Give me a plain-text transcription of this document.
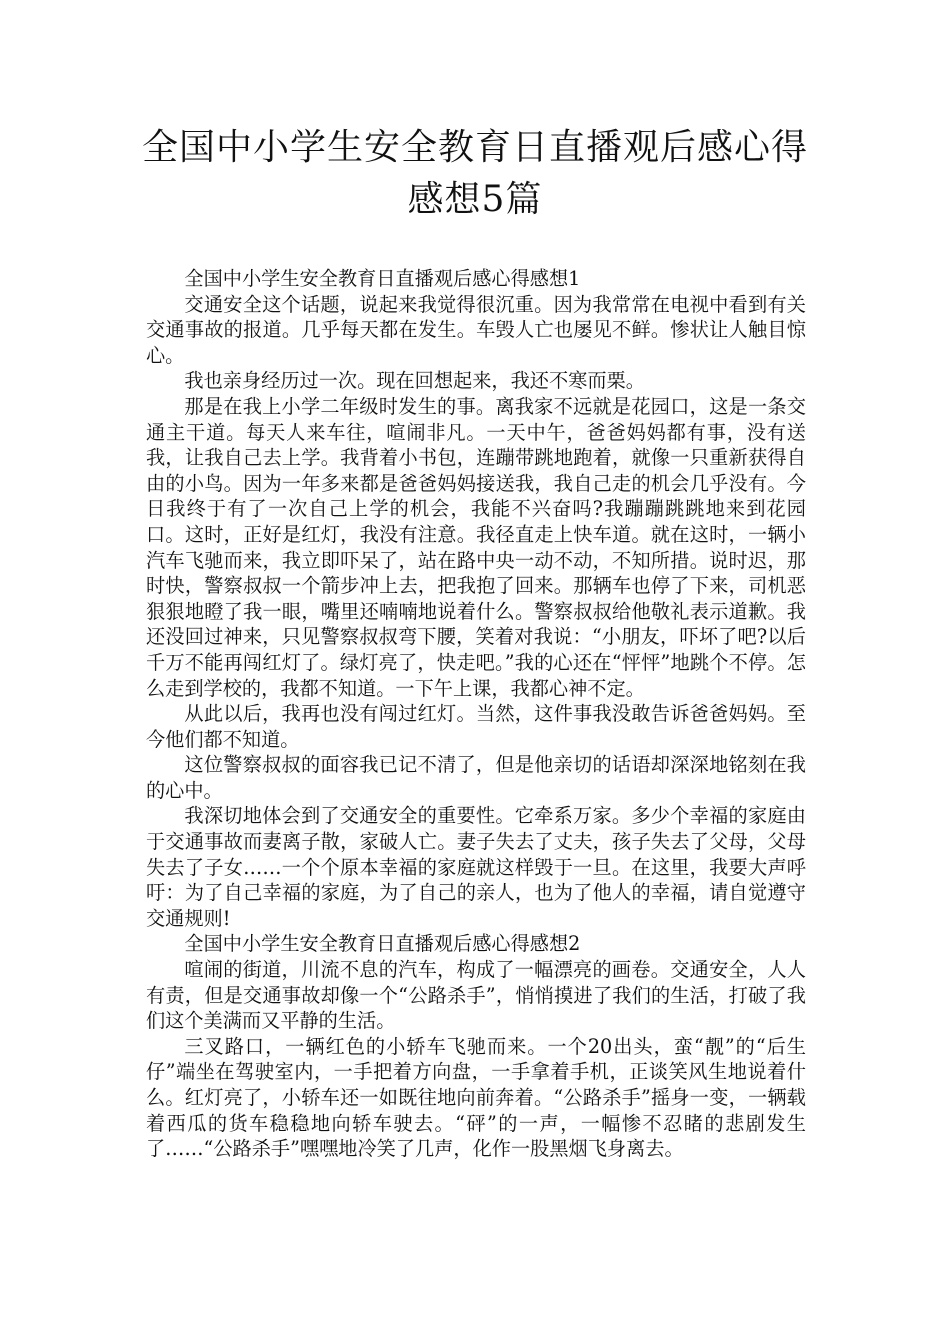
全国中小学生安全教育日直播观后感心得
感想5篇

全国中小学生安全教育日直播观后感心得感想1

交通安全这个话题，说起来我觉得很沉重。因为我常常在电视中看到有关交通事故的报道。几乎每天都在发生。车毁人亡也屡见不鲜。惨状让人触目惊心。

我也亲身经历过一次。现在回想起来，我还不寒而栗。

那是在我上小学二年级时发生的事。离我家不远就是花园口，这是一条交通主干道。每天人来车往，喧闹非凡。一天中午，爸爸妈妈都有事，没有送我，让我自己去上学。我背着小书包，连蹦带跳地跑着，就像一只重新获得自由的小鸟。因为一年多来都是爸爸妈妈接送我，我自己走的机会几乎没有。今日我终于有了一次自己上学的机会，我能不兴奋吗?我蹦蹦跳跳地来到花园口。这时，正好是红灯，我没有注意。我径直走上快车道。就在这时，一辆小汽车飞驰而来，我立即吓呆了，站在路中央一动不动，不知所措。说时迟，那时快，警察叔叔一个箭步冲上去，把我抱了回来。那辆车也停了下来，司机恶狠狠地瞪了我一眼，嘴里还喃喃地说着什么。警察叔叔给他敬礼表示道歉。我还没回过神来，只见警察叔叔弯下腰，笑着对我说：“小朋友，吓坏了吧?以后千万不能再闯红灯了。绿灯亮了，快走吧。”我的心还在“怦怦”地跳个不停。怎么走到学校的，我都不知道。一下午上课，我都心神不定。

从此以后，我再也没有闯过红灯。当然，这件事我没敢告诉爸爸妈妈。至今他们都不知道。

这位警察叔叔的面容我已记不清了，但是他亲切的话语却深深地铭刻在我的心中。

我深切地体会到了交通安全的重要性。它牵系万家。多少个幸福的家庭由于交通事故而妻离子散，家破人亡。妻子失去了丈夫，孩子失去了父母，父母失去了子女……一个个原本幸福的家庭就这样毁于一旦。在这里，我要大声呼吁：为了自己幸福的家庭，为了自己的亲人，也为了他人的幸福，请自觉遵守交通规则!

全国中小学生安全教育日直播观后感心得感想2

喧闹的街道，川流不息的汽车，构成了一幅漂亮的画卷。交通安全，人人有责，但是交通事故却像一个“公路杀手”，悄悄摸进了我们的生活，打破了我们这个美满而又平静的生活。

三叉路口，一辆红色的小轿车飞驰而来。一个20出头，蛮“靓”的“后生仔”端坐在驾驶室内，一手把着方向盘，一手拿着手机，正谈笑风生地说着什么。红灯亮了，小轿车还一如既往地向前奔着。“公路杀手”摇身一变，一辆载着西瓜的货车稳稳地向轿车驶去。“砰”的一声，一幅惨不忍睹的悲剧发生了……“公路杀手”嘿嘿地冷笑了几声，化作一股黑烟飞身离去。
